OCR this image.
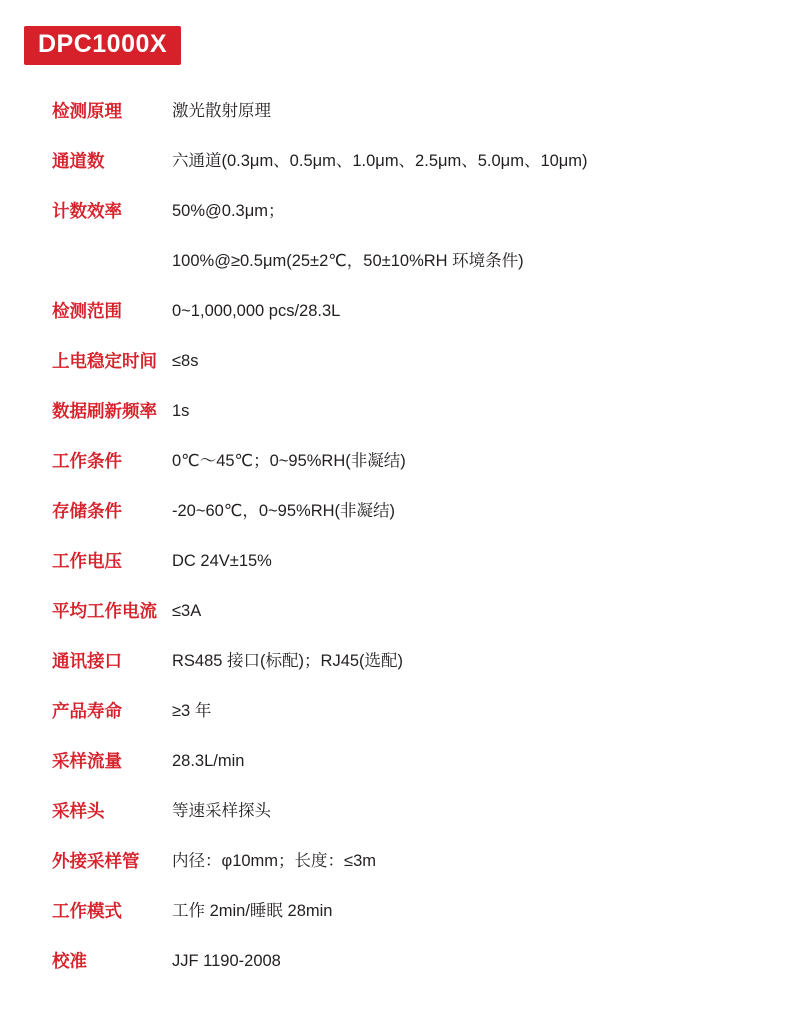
DPC1000X
检测原理	激光散射原理
通道数	六通道(0.3μm、0.5μm、1.0μm、2.5μm、5.0μm、10μm)
计数效率	50%@0.3μm；
100%@≥0.5μm(25±2℃，50±10%RH 环境条件)

检测范围	0~1,000,000 pcs/28.3L
上电稳定时间	≤8s
数据刷新频率	1s
工作条件	0℃～45℃；0~95%RH(非凝结)
存储条件	-20~60℃，0~95%RH(非凝结)
工作电压	DC 24V±15%
平均工作电流	≤3A
通讯接口	RS485 接口(标配)；RJ45(选配)
产品寿命	≥3 年
采样流量	28.3L/min
采样头	等速采样探头
外接采样管	内径：φ10mm；长度：≤3m
工作模式	工作 2min/睡眠 28min
校准	JJF 1190-2008
